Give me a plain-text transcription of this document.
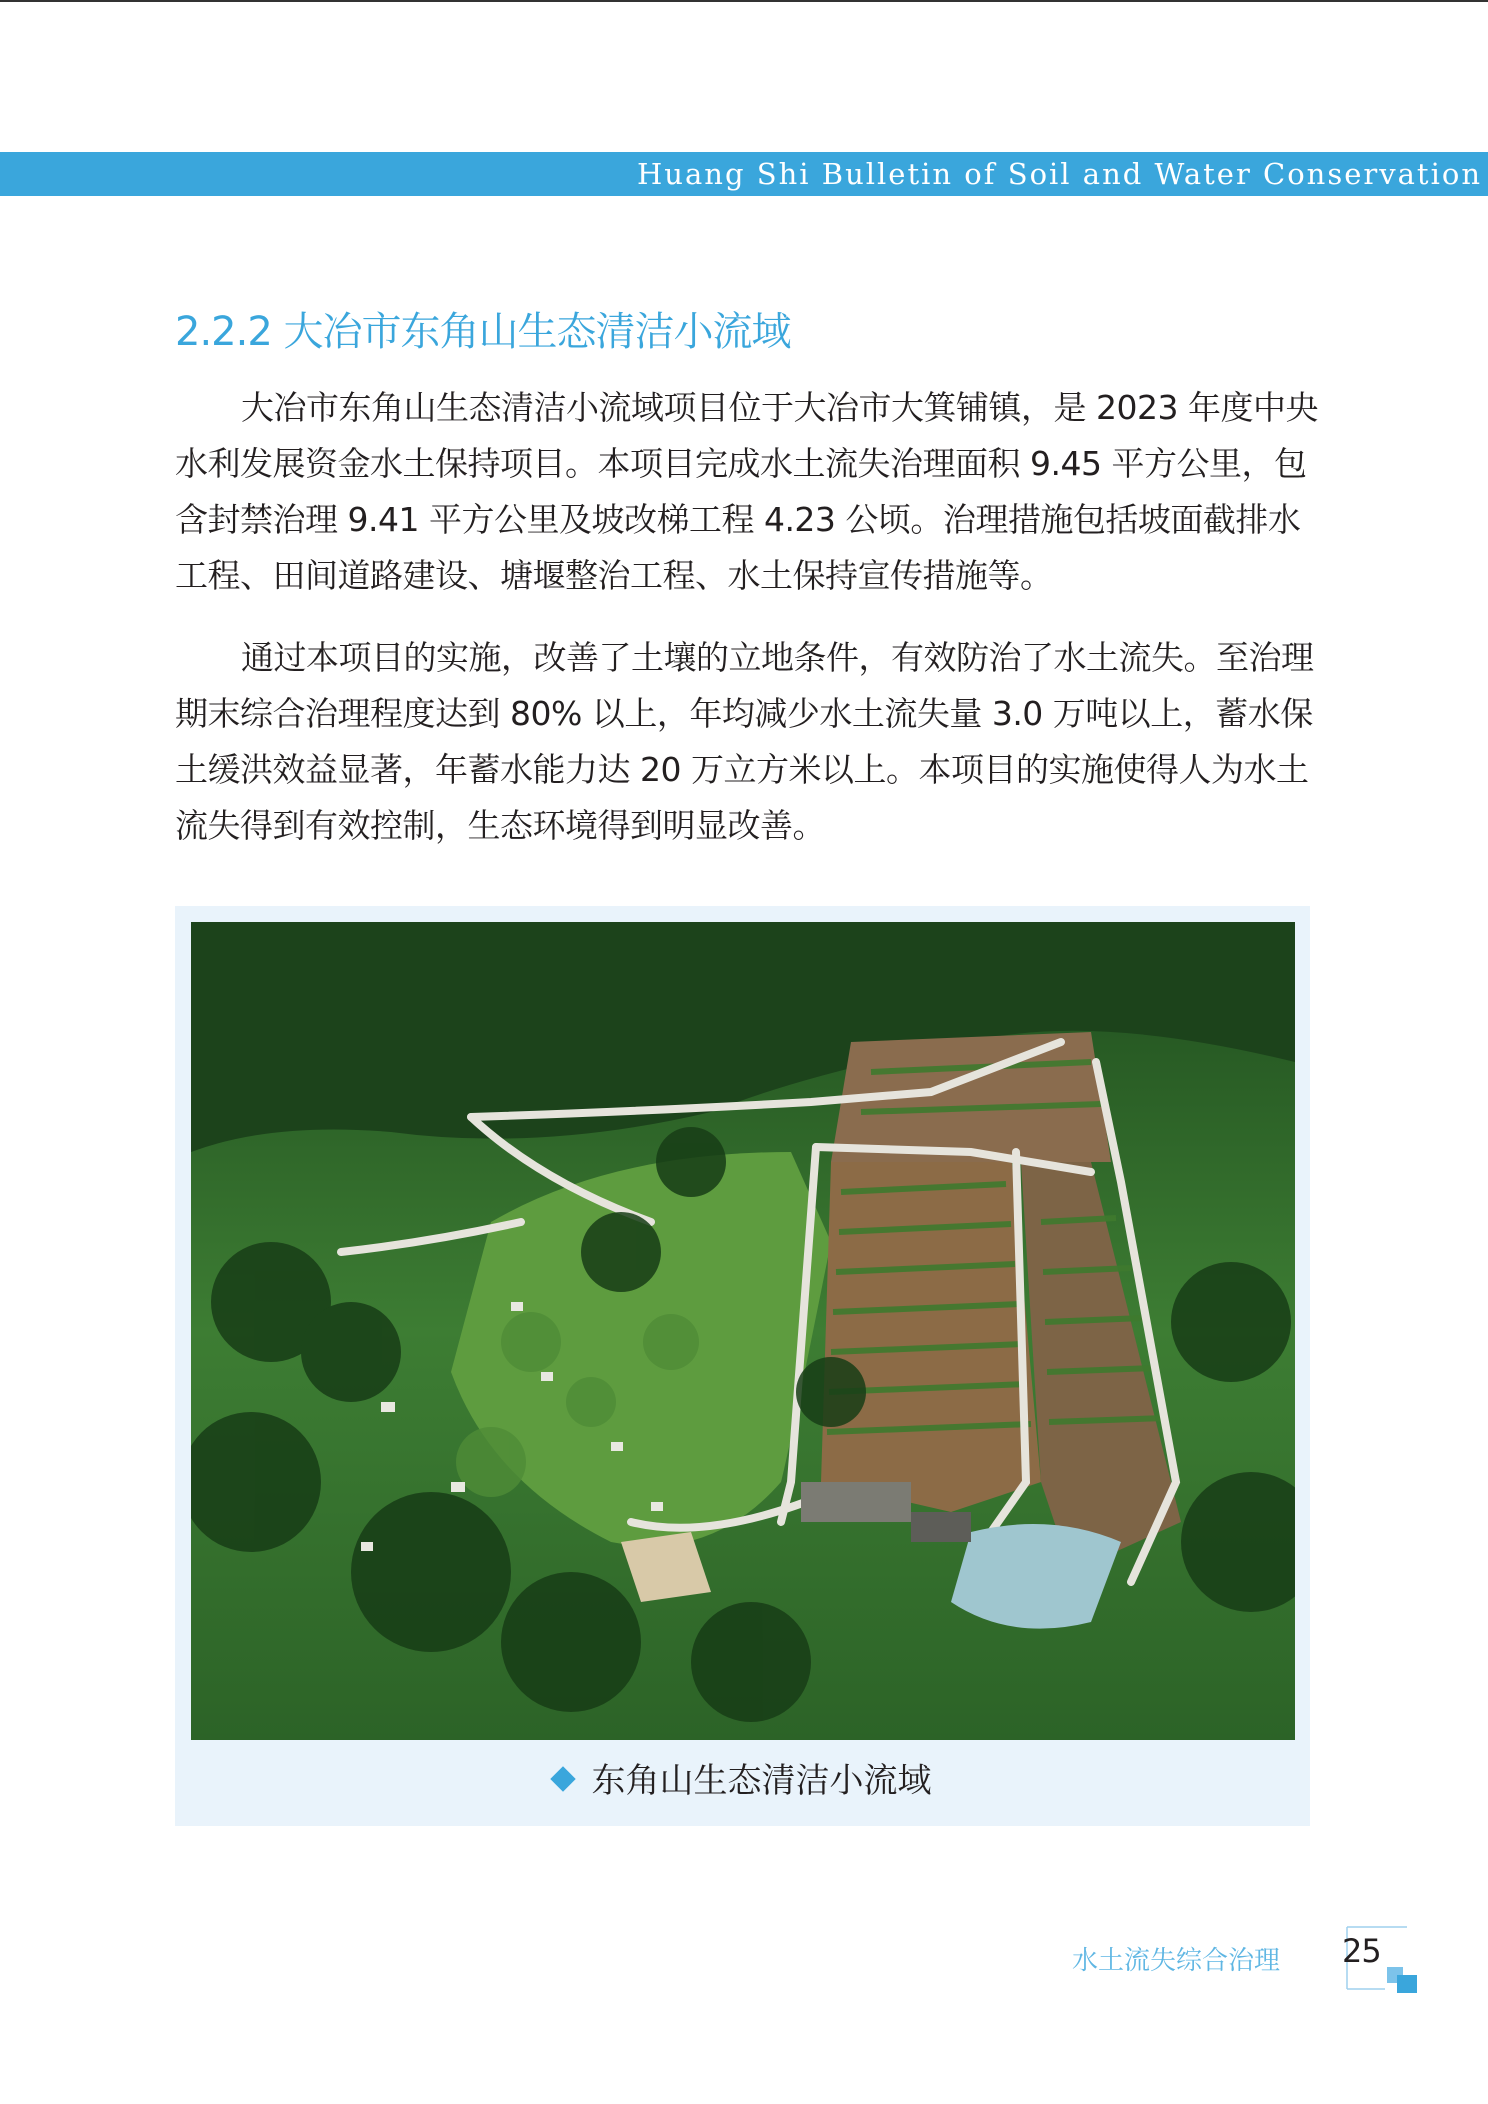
Huang Shi Bulletin of Soil and Water Conservation
2.2.2 大冶市东角山生态清洁小流域

大冶市东角山生态清洁小流域项目位于大冶市大箕铺镇，是 2023 年度中央水利发展资金水土保持项目。本项目完成水土流失治理面积 9.45 平方公里，包含封禁治理 9.41 平方公里及坡改梯工程 4.23 公顷。治理措施包括坡面截排水工程、田间道路建设、塘堰整治工程、水土保持宣传措施等。

通过本项目的实施，改善了土壤的立地条件，有效防治了水土流失。至治理期末综合治理程度达到 80% 以上，年均减少水土流失量 3.0 万吨以上，蓄水保土缓洪效益显著，年蓄水能力达 20 万立方米以上。本项目的实施使得人为水土流失得到有效控制，生态环境得到明显改善。

东角山生态清洁小流域
水土流失综合治理 25
